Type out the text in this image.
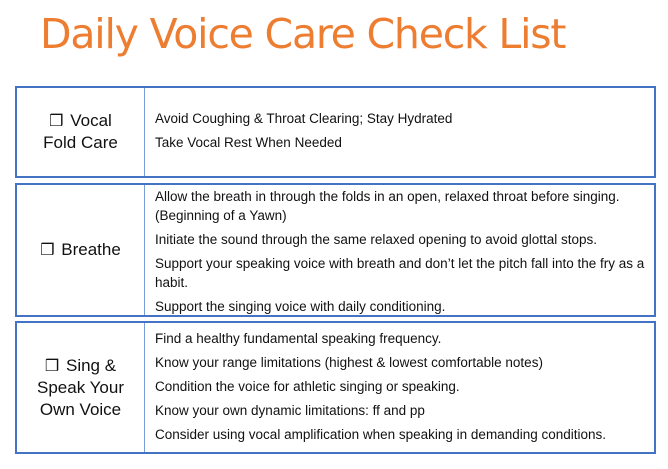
Daily Voice Care Check List
❒ Vocal
Fold Care
Avoid Coughing & Throat Clearing; Stay Hydrated
Take Vocal Rest When Needed
❒ Breathe
Allow the breath in through the folds in an open, relaxed throat before singing. (Beginning of a Yawn)
Initiate the sound through the same relaxed opening to avoid glottal stops.
Support your speaking voice with breath and don’t let the pitch fall into the fry as a habit.
Support the singing voice with daily conditioning.
❒ Sing &
Speak Your
Own Voice
Find a healthy fundamental speaking frequency.
Know your range limitations (highest & lowest comfortable notes)
Condition the voice for athletic singing or speaking.
Know your own dynamic limitations: ff and pp
Consider using vocal amplification when speaking in demanding conditions.
